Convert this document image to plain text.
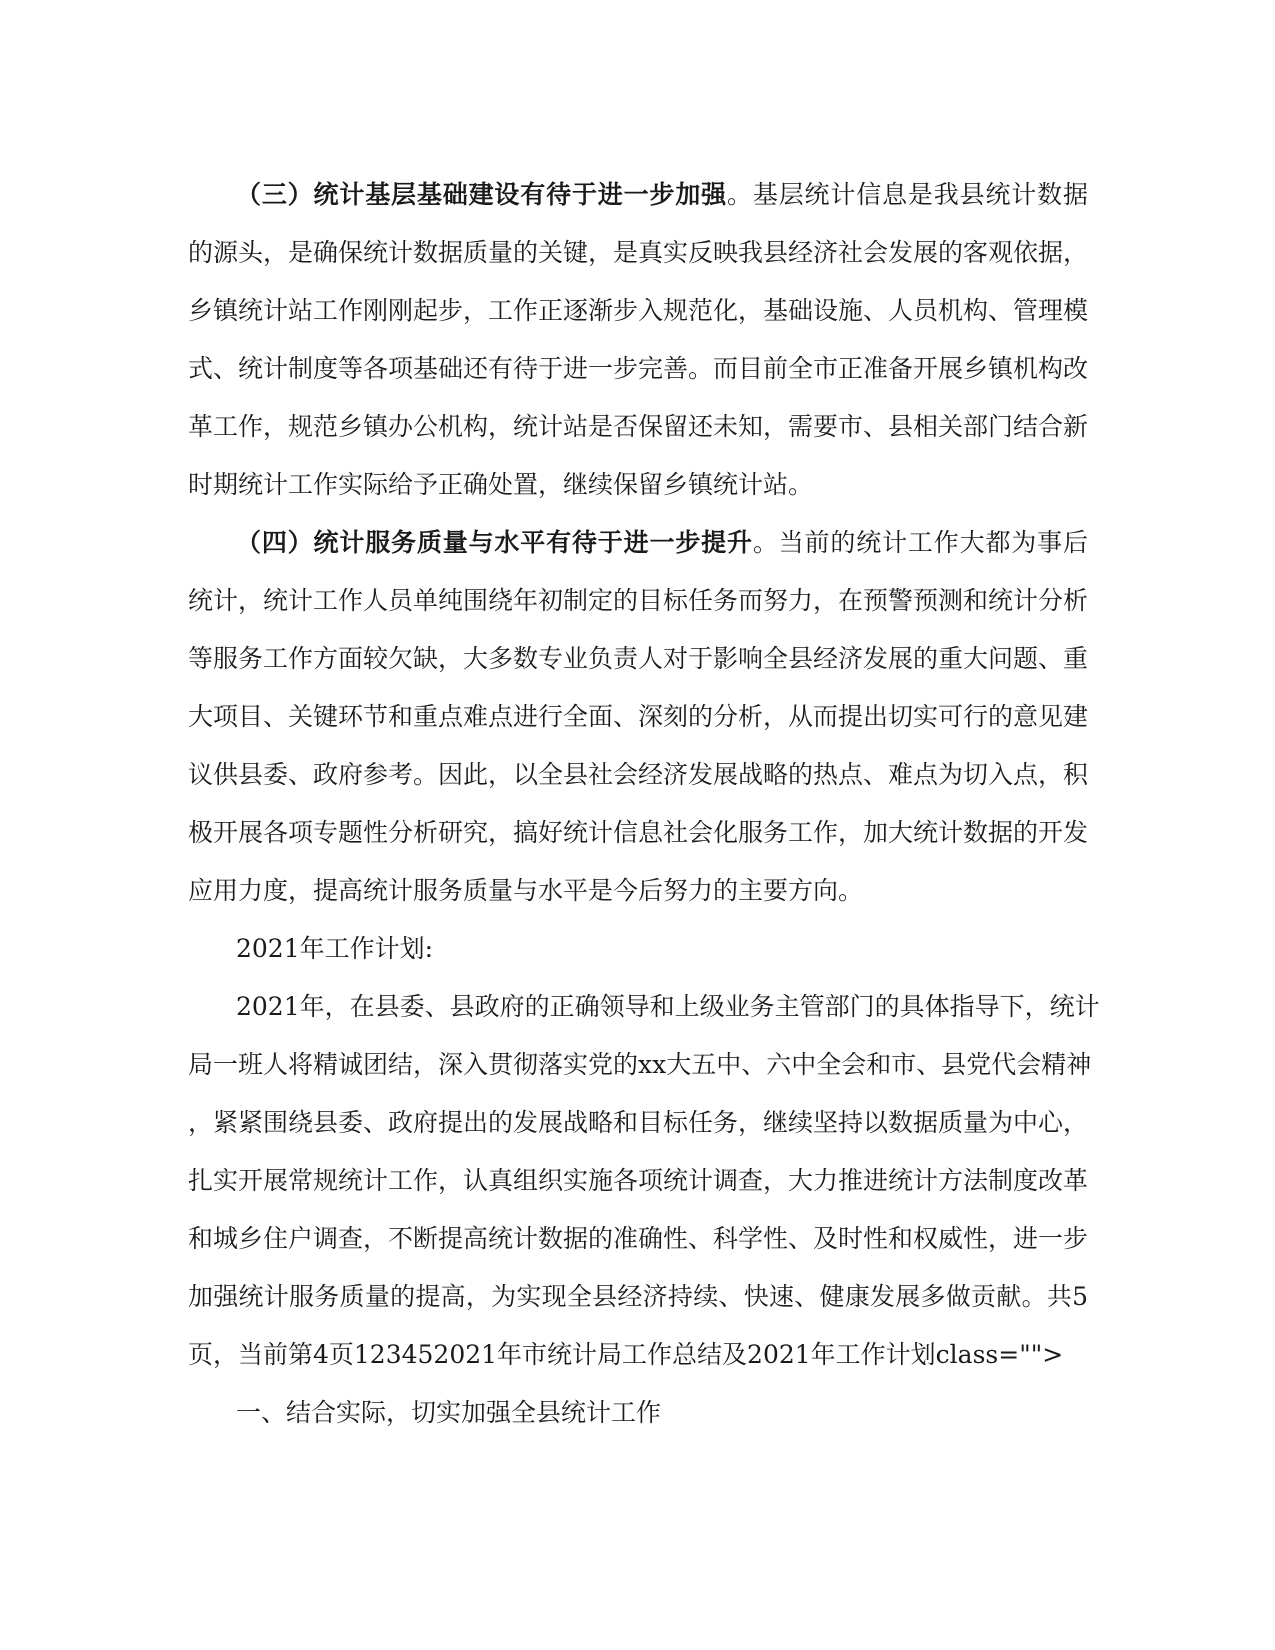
（三）统计基层基础建设有待于进一步加强。基层统计信息是我县统计数据
的源头，是确保统计数据质量的关键，是真实反映我县经济社会发展的客观依据，
乡镇统计站工作刚刚起步，工作正逐渐步入规范化，基础设施、人员机构、管理模
式、统计制度等各项基础还有待于进一步完善。而目前全市正准备开展乡镇机构改
革工作，规范乡镇办公机构，统计站是否保留还未知，需要市、县相关部门结合新
时期统计工作实际给予正确处置，继续保留乡镇统计站。
（四）统计服务质量与水平有待于进一步提升。当前的统计工作大都为事后
统计，统计工作人员单纯围绕年初制定的目标任务而努力，在预警预测和统计分析
等服务工作方面较欠缺，大多数专业负责人对于影响全县经济发展的重大问题、重
大项目、关键环节和重点难点进行全面、深刻的分析，从而提出切实可行的意见建
议供县委、政府参考。因此，以全县社会经济发展战略的热点、难点为切入点，积
极开展各项专题性分析研究，搞好统计信息社会化服务工作，加大统计数据的开发
应用力度，提高统计服务质量与水平是今后努力的主要方向。
2021年工作计划:
2021年，在县委、县政府的正确领导和上级业务主管部门的具体指导下，统计
局一班人将精诚团结，深入贯彻落实党的xx大五中、六中全会和市、县党代会精神
，紧紧围绕县委、政府提出的发展战略和目标任务，继续坚持以数据质量为中心，
扎实开展常规统计工作，认真组织实施各项统计调查，大力推进统计方法制度改革
和城乡住户调查，不断提高统计数据的准确性、科学性、及时性和权威性，进一步
加强统计服务质量的提高，为实现全县经济持续、快速、健康发展多做贡献。共5
页，当前第4页123452021年市统计局工作总结及2021年工作计划class="">
一、结合实际，切实加强全县统计工作
